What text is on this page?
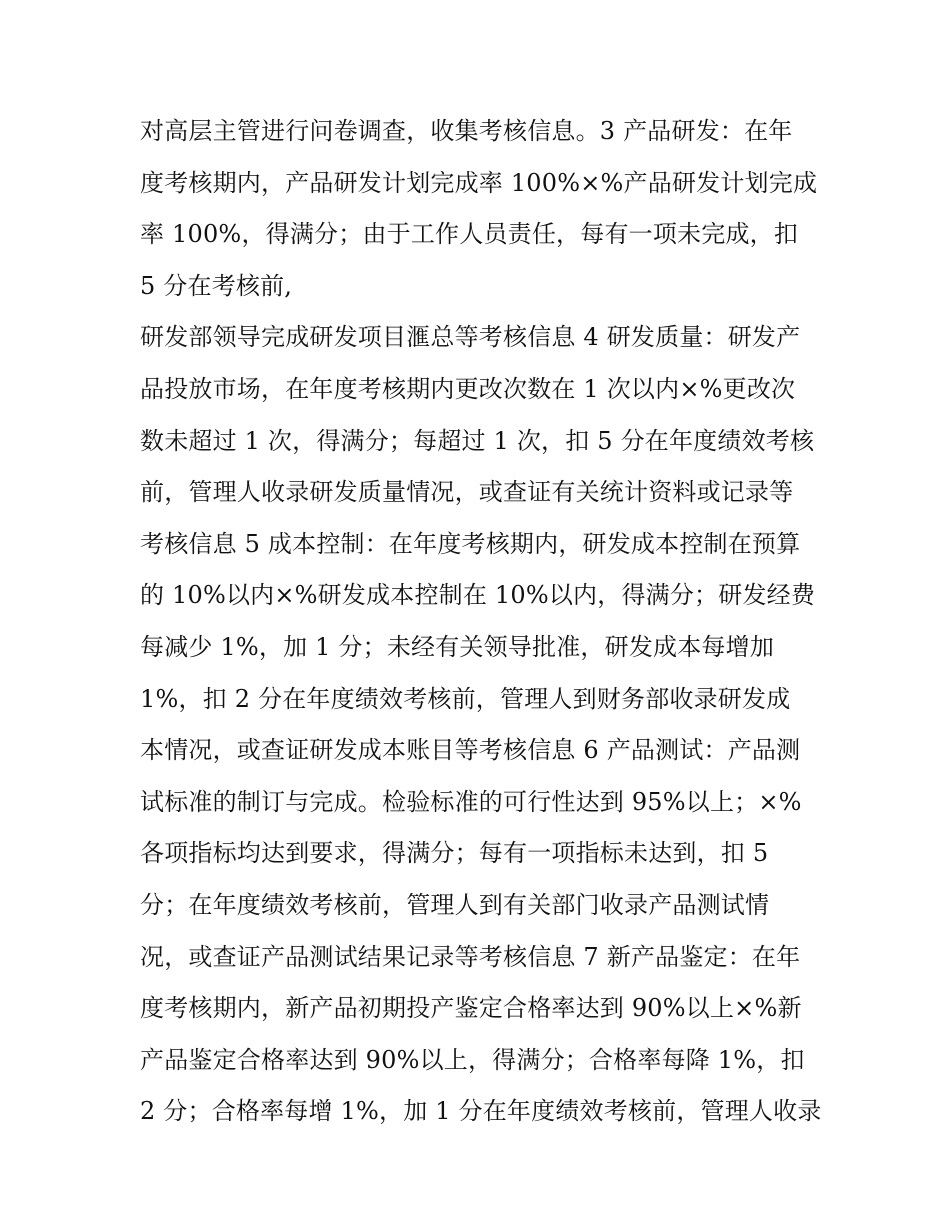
对高层主管进行问卷调查，收集考核信息。3 产品研发：在年
度考核期内，产品研发计划完成率 100%×%产品研发计划完成
率 100%，得满分；由于工作人员责任，每有一项未完成，扣
5 分在考核前,
研发部领导完成研发项目滙总等考核信息 4 研发质量：研发产
品投放市场，在年度考核期内更改次数在 1 次以内×%更改次
数未超过 1 次，得满分；每超过 1 次，扣 5 分在年度绩效考核
前，管理人收录研发质量情况，或查证有关统计资料或记录等
考核信息 5 成本控制：在年度考核期内，研发成本控制在预算
的 10%以内×%研发成本控制在 10%以内，得满分；研发经费
每减少 1%，加 1 分；未经有关领导批准，研发成本每增加
1%，扣 2 分在年度绩效考核前，管理人到财务部收录研发成
本情况，或查证研发成本账目等考核信息 6 产品测试：产品测
试标准的制订与完成。检验标准的可行性达到 95%以上；×%
各项指标均达到要求，得满分；每有一项指标未达到，扣 5
分；在年度绩效考核前，管理人到有关部门收录产品测试情
况，或查证产品测试结果记录等考核信息 7 新产品鉴定：在年
度考核期内，新产品初期投产鉴定合格率达到 90%以上×%新
产品鉴定合格率达到 90%以上，得满分；合格率每降 1%，扣
2 分；合格率每增 1%，加 1 分在年度绩效考核前，管理人收录
